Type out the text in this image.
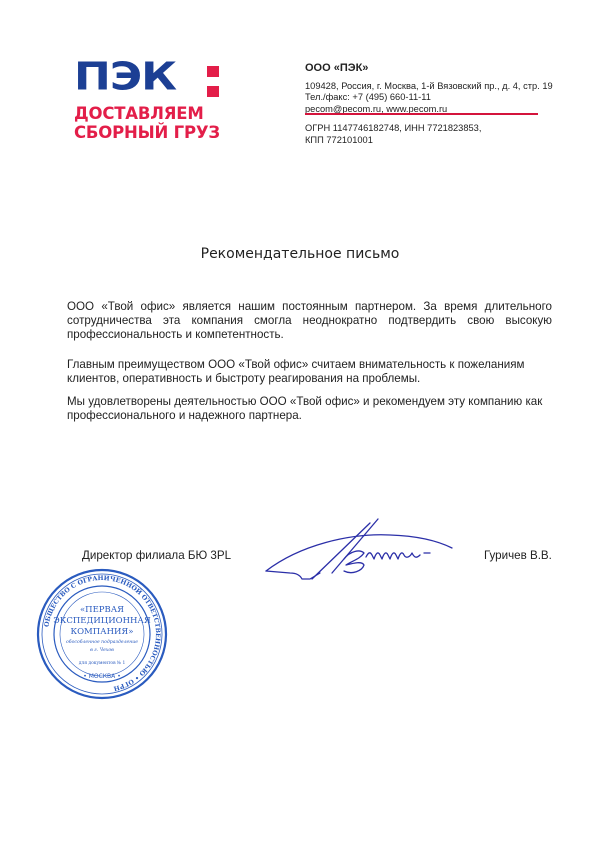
ПЭК
ДОСТАВЛЯЕМ
СБОРНЫЙ ГРУЗ
ООО «ПЭК»
109428, Россия, г. Москва, 1-й Вязовский пр., д. 4, стр. 19
Тел./факс: +7 (495) 660-11-11
pecom@pecom.ru, www.pecom.ru
ОГРН 1147746182748, ИНН 7721823853,
КПП 772101001
Рекомендательное письмо
ООО «Твой офис» является нашим постоянным партнером. За время длительного сотрудничества эта компания смогла неоднократно подтвердить свою высокую профессиональность и компетентность.
Главным преимуществом ООО «Твой офис» считаем внимательность к пожеланиям клиентов, оперативность и быстроту реагирования на проблемы.
Мы удовлетворены деятельностью ООО «Твой офис» и рекомендуем эту компанию как профессионального и надежного партнера.
Директор филиала БЮ 3PL	Гуричев В.В.
ОБЩЕСТВО С ОГРАНИЧЕННОЙ ОТВЕТСТВЕННОСТЬЮ • ОГРН
«ПЕРВАЯ
ЭКСПЕДИЦИОННАЯ
КОМПАНИЯ»
обособленное подразделение
в г. Чехов
для документов № 1
• МОСКВА •
